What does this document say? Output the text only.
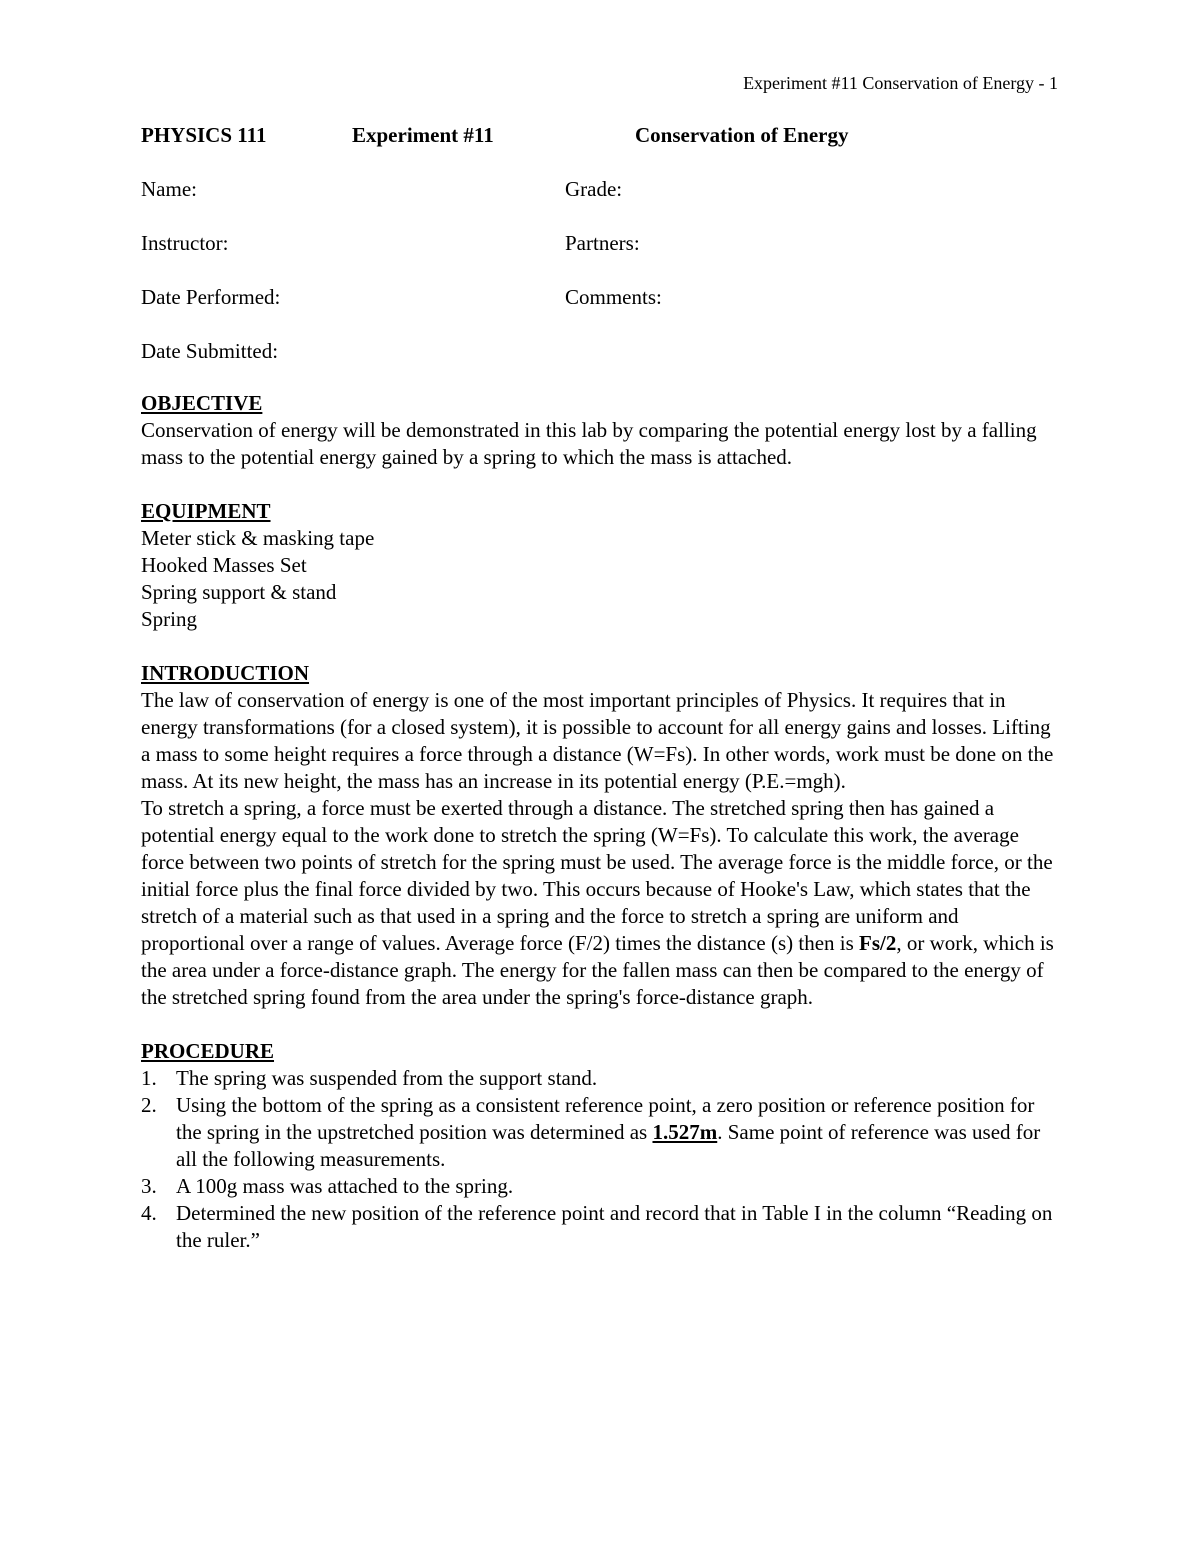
Experiment #11 Conservation of Energy - 1
PHYSICS 111	Experiment #11	Conservation of Energy
Name:	Grade:
Instructor:	Partners:
Date Performed:	Comments:
Date Submitted:
OBJECTIVE
Conservation of energy will be demonstrated in this lab by comparing the potential energy lost by a falling mass to the potential energy gained by a spring to which the mass is attached.
EQUIPMENT
Meter stick & masking tape
Hooked Masses Set
Spring support & stand
Spring
INTRODUCTION
The law of conservation of energy is one of the most important principles of Physics. It requires that in energy transformations (for a closed system), it is possible to account for all energy gains and losses. Lifting a mass to some height requires a force through a distance (W=Fs). In other words, work must be done on the mass. At its new height, the mass has an increase in its potential energy (P.E.=mgh).
To stretch a spring, a force must be exerted through a distance. The stretched spring then has gained a potential energy equal to the work done to stretch the spring (W=Fs). To calculate this work, the average force between two points of stretch for the spring must be used. The average force is the middle force, or the initial force plus the final force divided by two. This occurs because of Hooke's Law, which states that the stretch of a material such as that used in a spring and the force to stretch a spring are uniform and proportional over a range of values. Average force (F/2) times the distance (s) then is Fs/2, or work, which is the area under a force-distance graph. The energy for the fallen mass can then be compared to the energy of the stretched spring found from the area under the spring's force-distance graph.
PROCEDURE
1. The spring was suspended from the support stand.
2. Using the bottom of the spring as a consistent reference point, a zero position or reference position for the spring in the upstretched position was determined as 1.527m. Same point of reference was used for all the following measurements.
3. A 100g mass was attached to the spring.
4. Determined the new position of the reference point and record that in Table I in the column “Reading on the ruler.”
